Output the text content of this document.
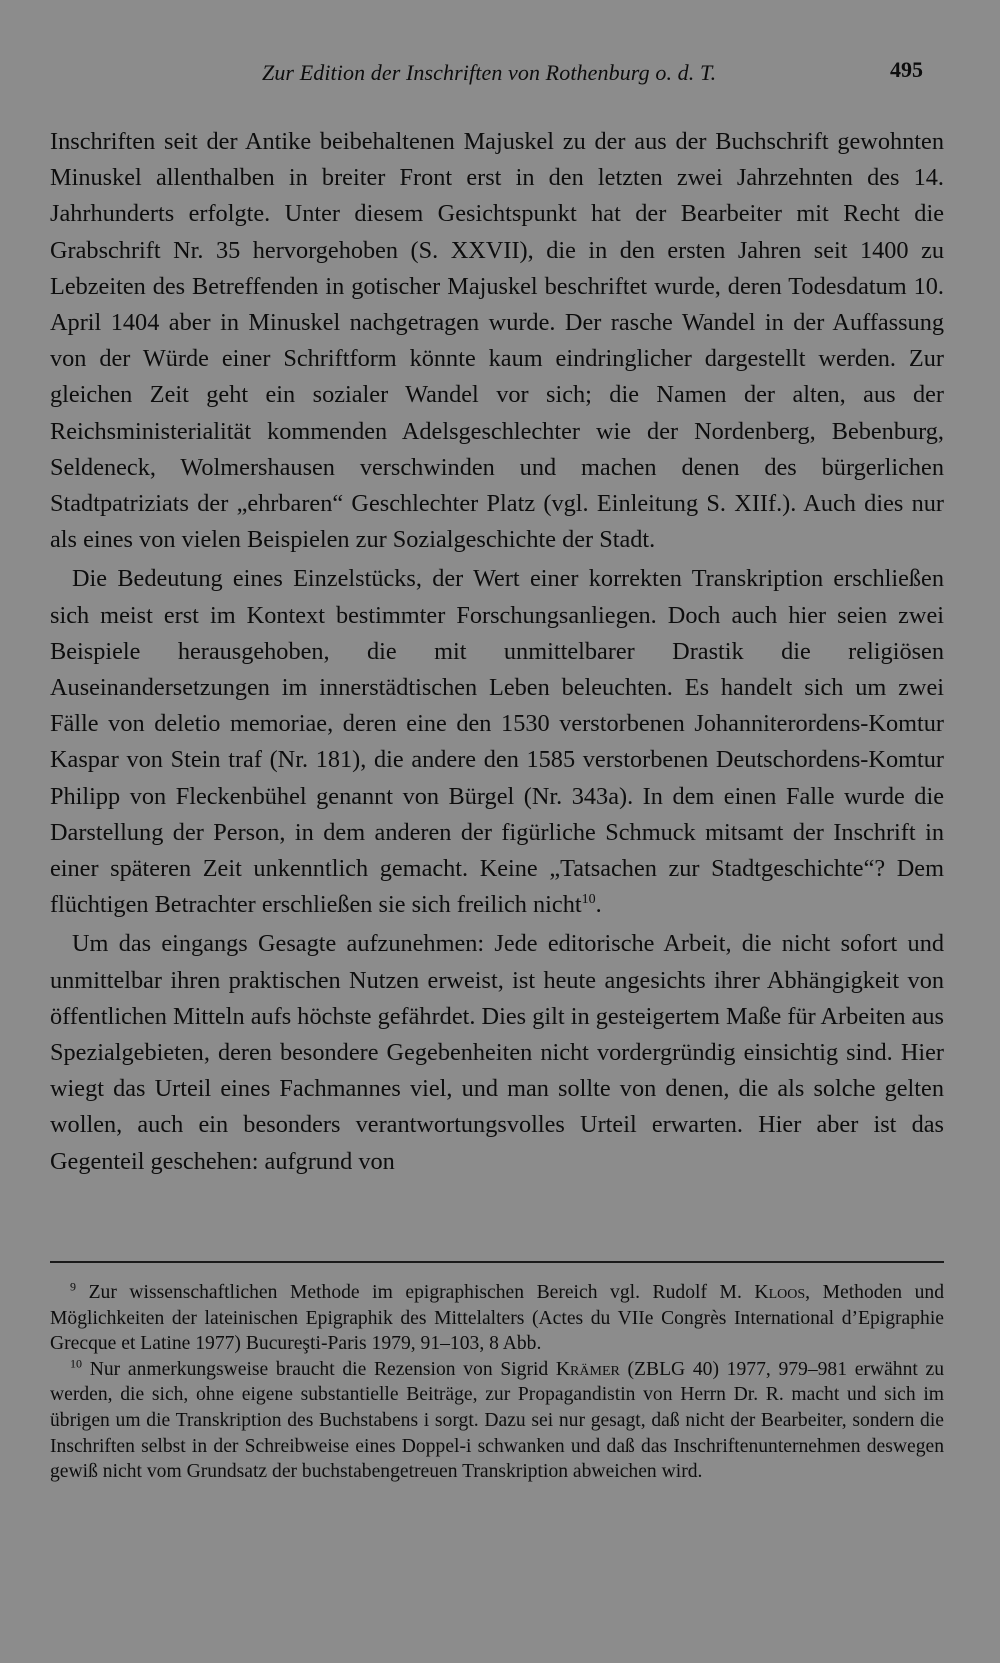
Zur Edition der Inschriften von Rothenburg o. d. T.	495

Inschriften seit der Antike beibehaltenen Majuskel zu der aus der Buchschrift gewohnten Minuskel allenthalben in breiter Front erst in den letzten zwei Jahrzehnten des 14. Jahrhunderts erfolgte. Unter diesem Gesichtspunkt hat der Bearbeiter mit Recht die Grabschrift Nr. 35 hervorgehoben (S. XXVII), die in den ersten Jahren seit 1400 zu Lebzeiten des Betreffenden in gotischer Majuskel beschriftet wurde, deren Todesdatum 10. April 1404 aber in Minuskel nachgetragen wurde. Der rasche Wandel in der Auffassung von der Würde einer Schriftform könnte kaum eindringlicher dargestellt werden. Zur gleichen Zeit geht ein sozialer Wandel vor sich; die Namen der alten, aus der Reichsministerialität kommenden Adelsgeschlechter wie der Nordenberg, Bebenburg, Seldeneck, Wolmershausen verschwinden und machen denen des bürgerlichen Stadtpatriziats der „ehrbaren“ Geschlechter Platz (vgl. Einleitung S. XIIf.). Auch dies nur als eines von vielen Beispielen zur Sozialgeschichte der Stadt.

Die Bedeutung eines Einzelstücks, der Wert einer korrekten Transkription erschließen sich meist erst im Kontext bestimmter Forschungsanliegen. Doch auch hier seien zwei Beispiele herausgehoben, die mit unmittelbarer Drastik die religiösen Auseinandersetzungen im innerstädtischen Leben beleuchten. Es handelt sich um zwei Fälle von deletio memoriae, deren eine den 1530 verstorbenen Johanniterordens-Komtur Kaspar von Stein traf (Nr. 181), die andere den 1585 verstorbenen Deutschordens-Komtur Philipp von Fleckenbühel genannt von Bürgel (Nr. 343a). In dem einen Falle wurde die Darstellung der Person, in dem anderen der figürliche Schmuck mitsamt der Inschrift in einer späteren Zeit unkenntlich gemacht. Keine „Tatsachen zur Stadtgeschichte“? Dem flüchtigen Betrachter erschließen sie sich freilich nicht$^{10}$.

Um das eingangs Gesagte aufzunehmen: Jede editorische Arbeit, die nicht sofort und unmittelbar ihren praktischen Nutzen erweist, ist heute angesichts ihrer Abhängigkeit von öffentlichen Mitteln aufs höchste gefährdet. Dies gilt in gesteigertem Maße für Arbeiten aus Spezialgebieten, deren besondere Gegebenheiten nicht vordergründig einsichtig sind. Hier wiegt das Urteil eines Fachmannes viel, und man sollte von denen, die als solche gelten wollen, auch ein besonders verantwortungsvolles Urteil erwarten. Hier aber ist das Gegenteil geschehen: aufgrund von

$^9$ Zur wissenschaftlichen Methode im epigraphischen Bereich vgl. Rudolf M. Kloos, Methoden und Möglichkeiten der lateinischen Epigraphik des Mittelalters (Actes du VIIe Congrès International d’Epigraphie Grecque et Latine 1977) Bucureşti-Paris 1979, 91–103, 8 Abb.

$^{10}$ Nur anmerkungsweise braucht die Rezension von Sigrid Krämer (ZBLG 40) 1977, 979–981 erwähnt zu werden, die sich, ohne eigene substantielle Beiträge, zur Propagandistin von Herrn Dr. R. macht und sich im übrigen um die Transkription des Buchstabens i sorgt. Dazu sei nur gesagt, daß nicht der Bearbeiter, sondern die Inschriften selbst in der Schreibweise eines Doppel-i schwanken und daß das Inschriftenunternehmen deswegen gewiß nicht vom Grundsatz der buchstabengetreuen Transkription abweichen wird.
